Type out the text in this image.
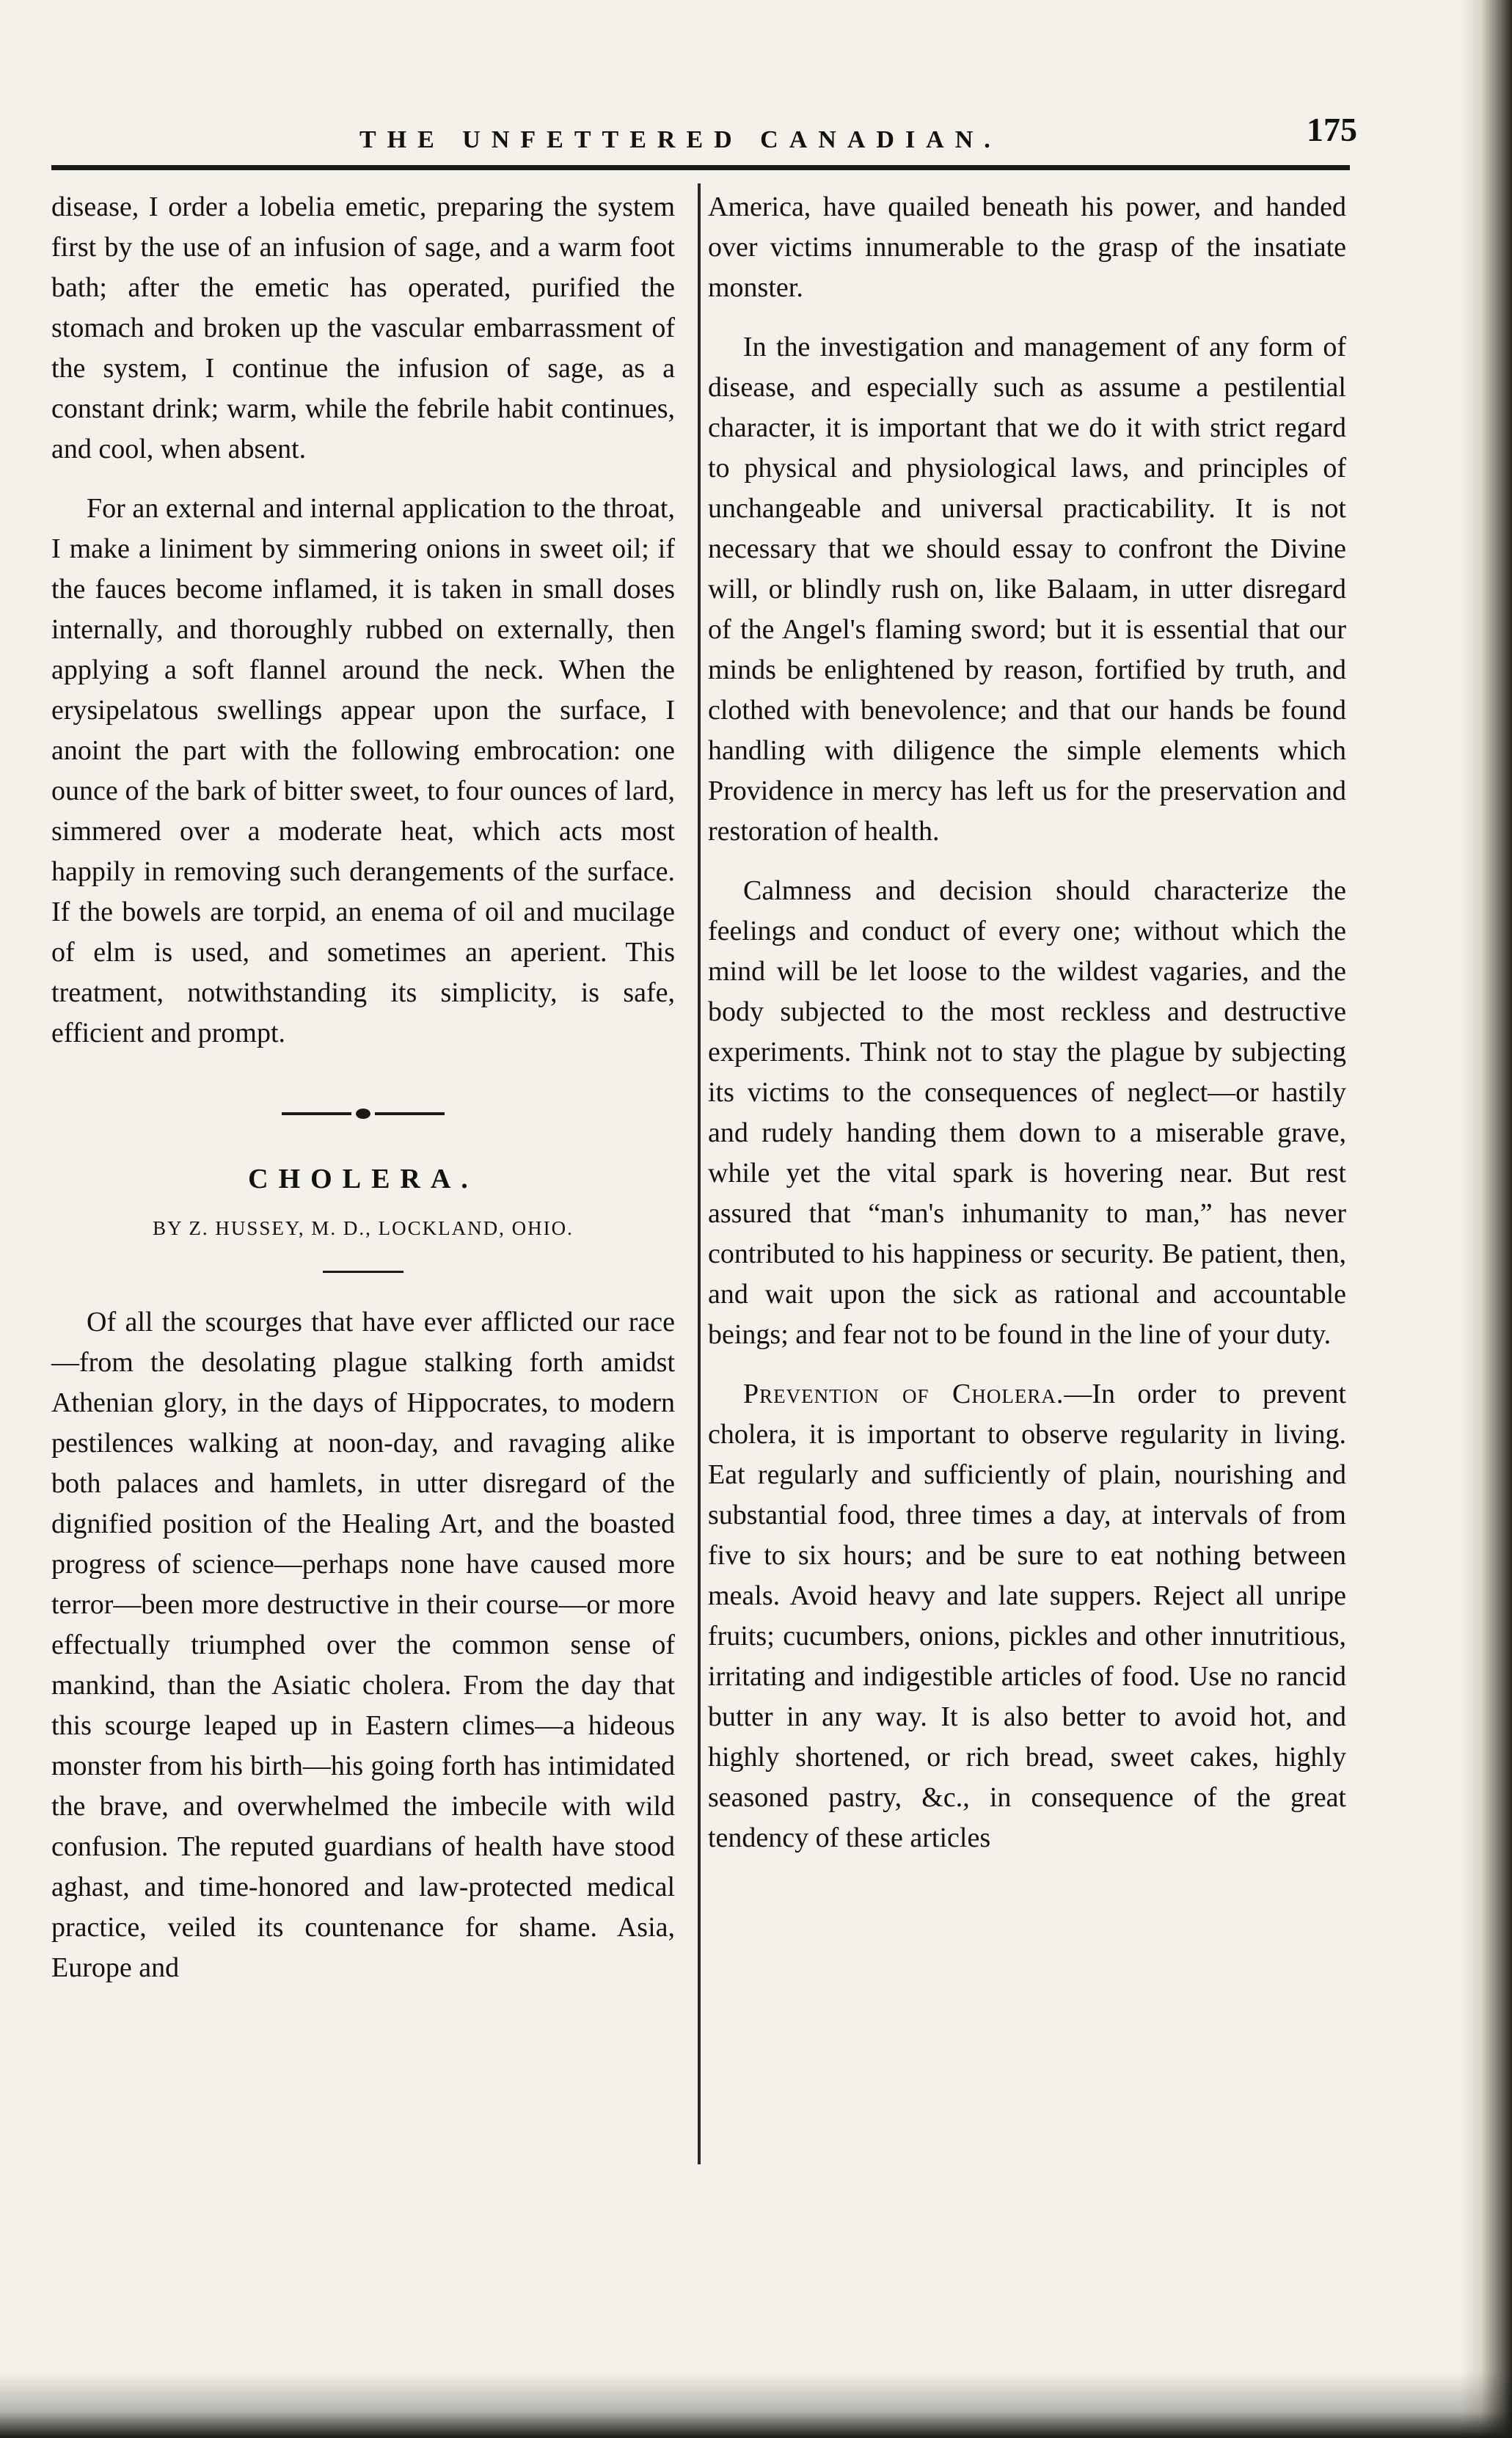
THE UNFETTERED CANADIAN.	175

disease, I order a lobelia emetic, preparing the system first by the use of an infusion of sage, and a warm foot bath; after the emetic has operated, purified the stomach and broken up the vascular embarrassment of the system, I continue the infusion of sage, as a constant drink; warm, while the febrile habit continues, and cool, when absent.

For an external and internal application to the throat, I make a liniment by simmering onions in sweet oil; if the fauces become inflamed, it is taken in small doses internally, and thoroughly rubbed on externally, then applying a soft flannel around the neck. When the erysipelatous swellings appear upon the surface, I anoint the part with the following embrocation: one ounce of the bark of bitter sweet, to four ounces of lard, simmered over a moderate heat, which acts most happily in removing such derangements of the surface. If the bowels are torpid, an enema of oil and mucilage of elm is used, and sometimes an aperient. This treatment, notwithstanding its simplicity, is safe, efficient and prompt.

CHOLERA.
BY Z. HUSSEY, M. D., LOCKLAND, OHIO.

Of all the scourges that have ever afflicted our race—from the desolating plague stalking forth amidst Athenian glory, in the days of Hippocrates, to modern pestilences walking at noon-day, and ravaging alike both palaces and hamlets, in utter disregard of the dignified position of the Healing Art, and the boasted progress of science—perhaps none have caused more terror—been more destructive in their course—or more effectually triumphed over the common sense of mankind, than the Asiatic cholera. From the day that this scourge leaped up in Eastern climes—a hideous monster from his birth—his going forth has intimidated the brave, and overwhelmed the imbecile with wild confusion. The reputed guardians of health have stood aghast, and time-honored and law-protected medical practice, veiled its countenance for shame. Asia, Europe and

America, have quailed beneath his power, and handed over victims innumerable to the grasp of the insatiate monster.

In the investigation and management of any form of disease, and especially such as assume a pestilential character, it is important that we do it with strict regard to physical and physiological laws, and principles of unchangeable and universal practicability. It is not necessary that we should essay to confront the Divine will, or blindly rush on, like Balaam, in utter disregard of the Angel's flaming sword; but it is essential that our minds be enlightened by reason, fortified by truth, and clothed with benevolence; and that our hands be found handling with diligence the simple elements which Providence in mercy has left us for the preservation and restoration of health.

Calmness and decision should characterize the feelings and conduct of every one; without which the mind will be let loose to the wildest vagaries, and the body subjected to the most reckless and destructive experiments. Think not to stay the plague by subjecting its victims to the consequences of neglect—or hastily and rudely handing them down to a miserable grave, while yet the vital spark is hovering near. But rest assured that “man's inhumanity to man,” has never contributed to his happiness or security. Be patient, then, and wait upon the sick as rational and accountable beings; and fear not to be found in the line of your duty.

Prevention of Cholera.—In order to prevent cholera, it is important to observe regularity in living. Eat regularly and sufficiently of plain, nourishing and substantial food, three times a day, at intervals of from five to six hours; and be sure to eat nothing between meals. Avoid heavy and late suppers. Reject all unripe fruits; cucumbers, onions, pickles and other innutritious, irritating and indigestible articles of food. Use no rancid butter in any way. It is also better to avoid hot, and highly shortened, or rich bread, sweet cakes, highly seasoned pastry, &c., in consequence of the great tendency of these articles
